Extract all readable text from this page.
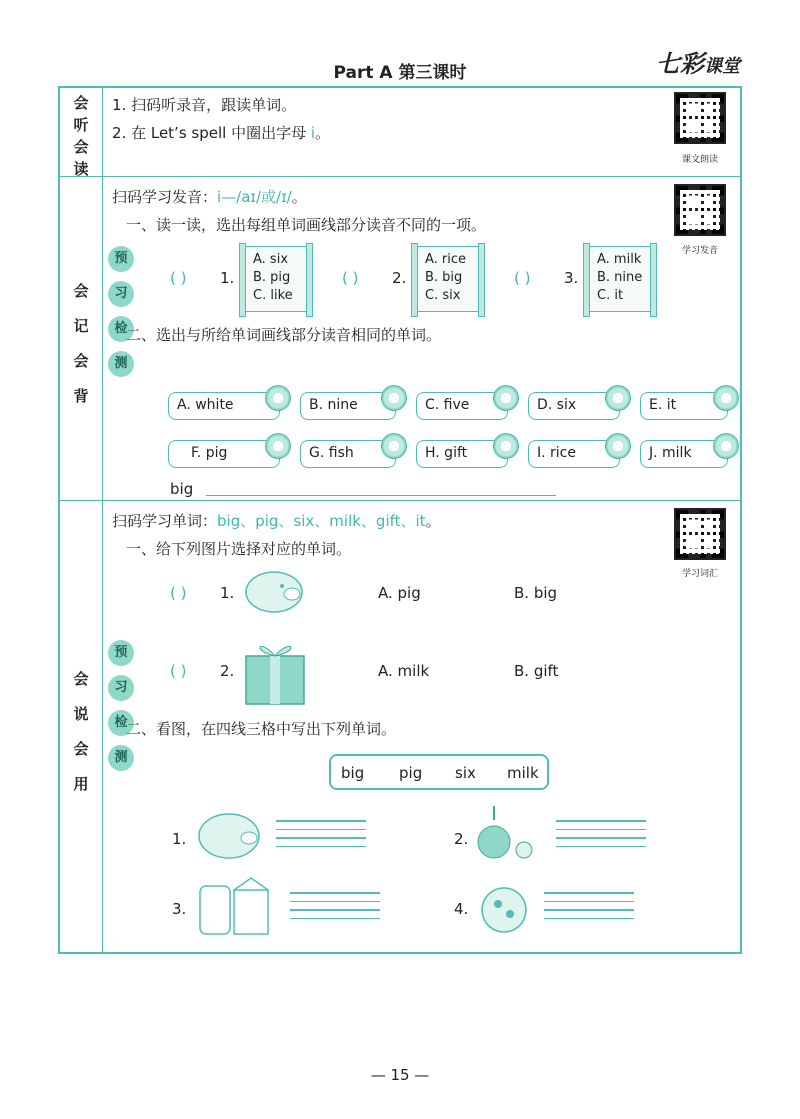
Part A 第三课时	七彩课堂
会
听
会
读
1. 扫码听录音，跟读单词。
2. 在 Let’s spell 中圈出字母 i。
课文朗读
会
记
会
背
扫码学习发音：i—/aɪ/或/ɪ/。
学习发音
一、读一读，选出每组单词画线部分读音不同的一项。
预
习
检
测
( ) 1.
A. six
B. pig
C. like
( ) 2.
A. rice
B. big
C. six
( ) 3.
A. milk
B. nine
C. it
二、选出与所给单词画线部分读音相同的单词。
A. white	B. nine	C. five	D. six	E. it
F. pig	G. fish	H. gift	I. rice	J. milk
big
会
说
会
用
扫码学习单词：big、pig、six、milk、gift、it。
学习词汇
一、给下列图片选择对应的单词。
预
习
检
测
( ) 1.	A. pig	B. big
( ) 2.	A. milk	B. gift
二、看图，在四线三格中写出下列单词。
big pig six milk
1.	2.
3.	4.
— 15 —
